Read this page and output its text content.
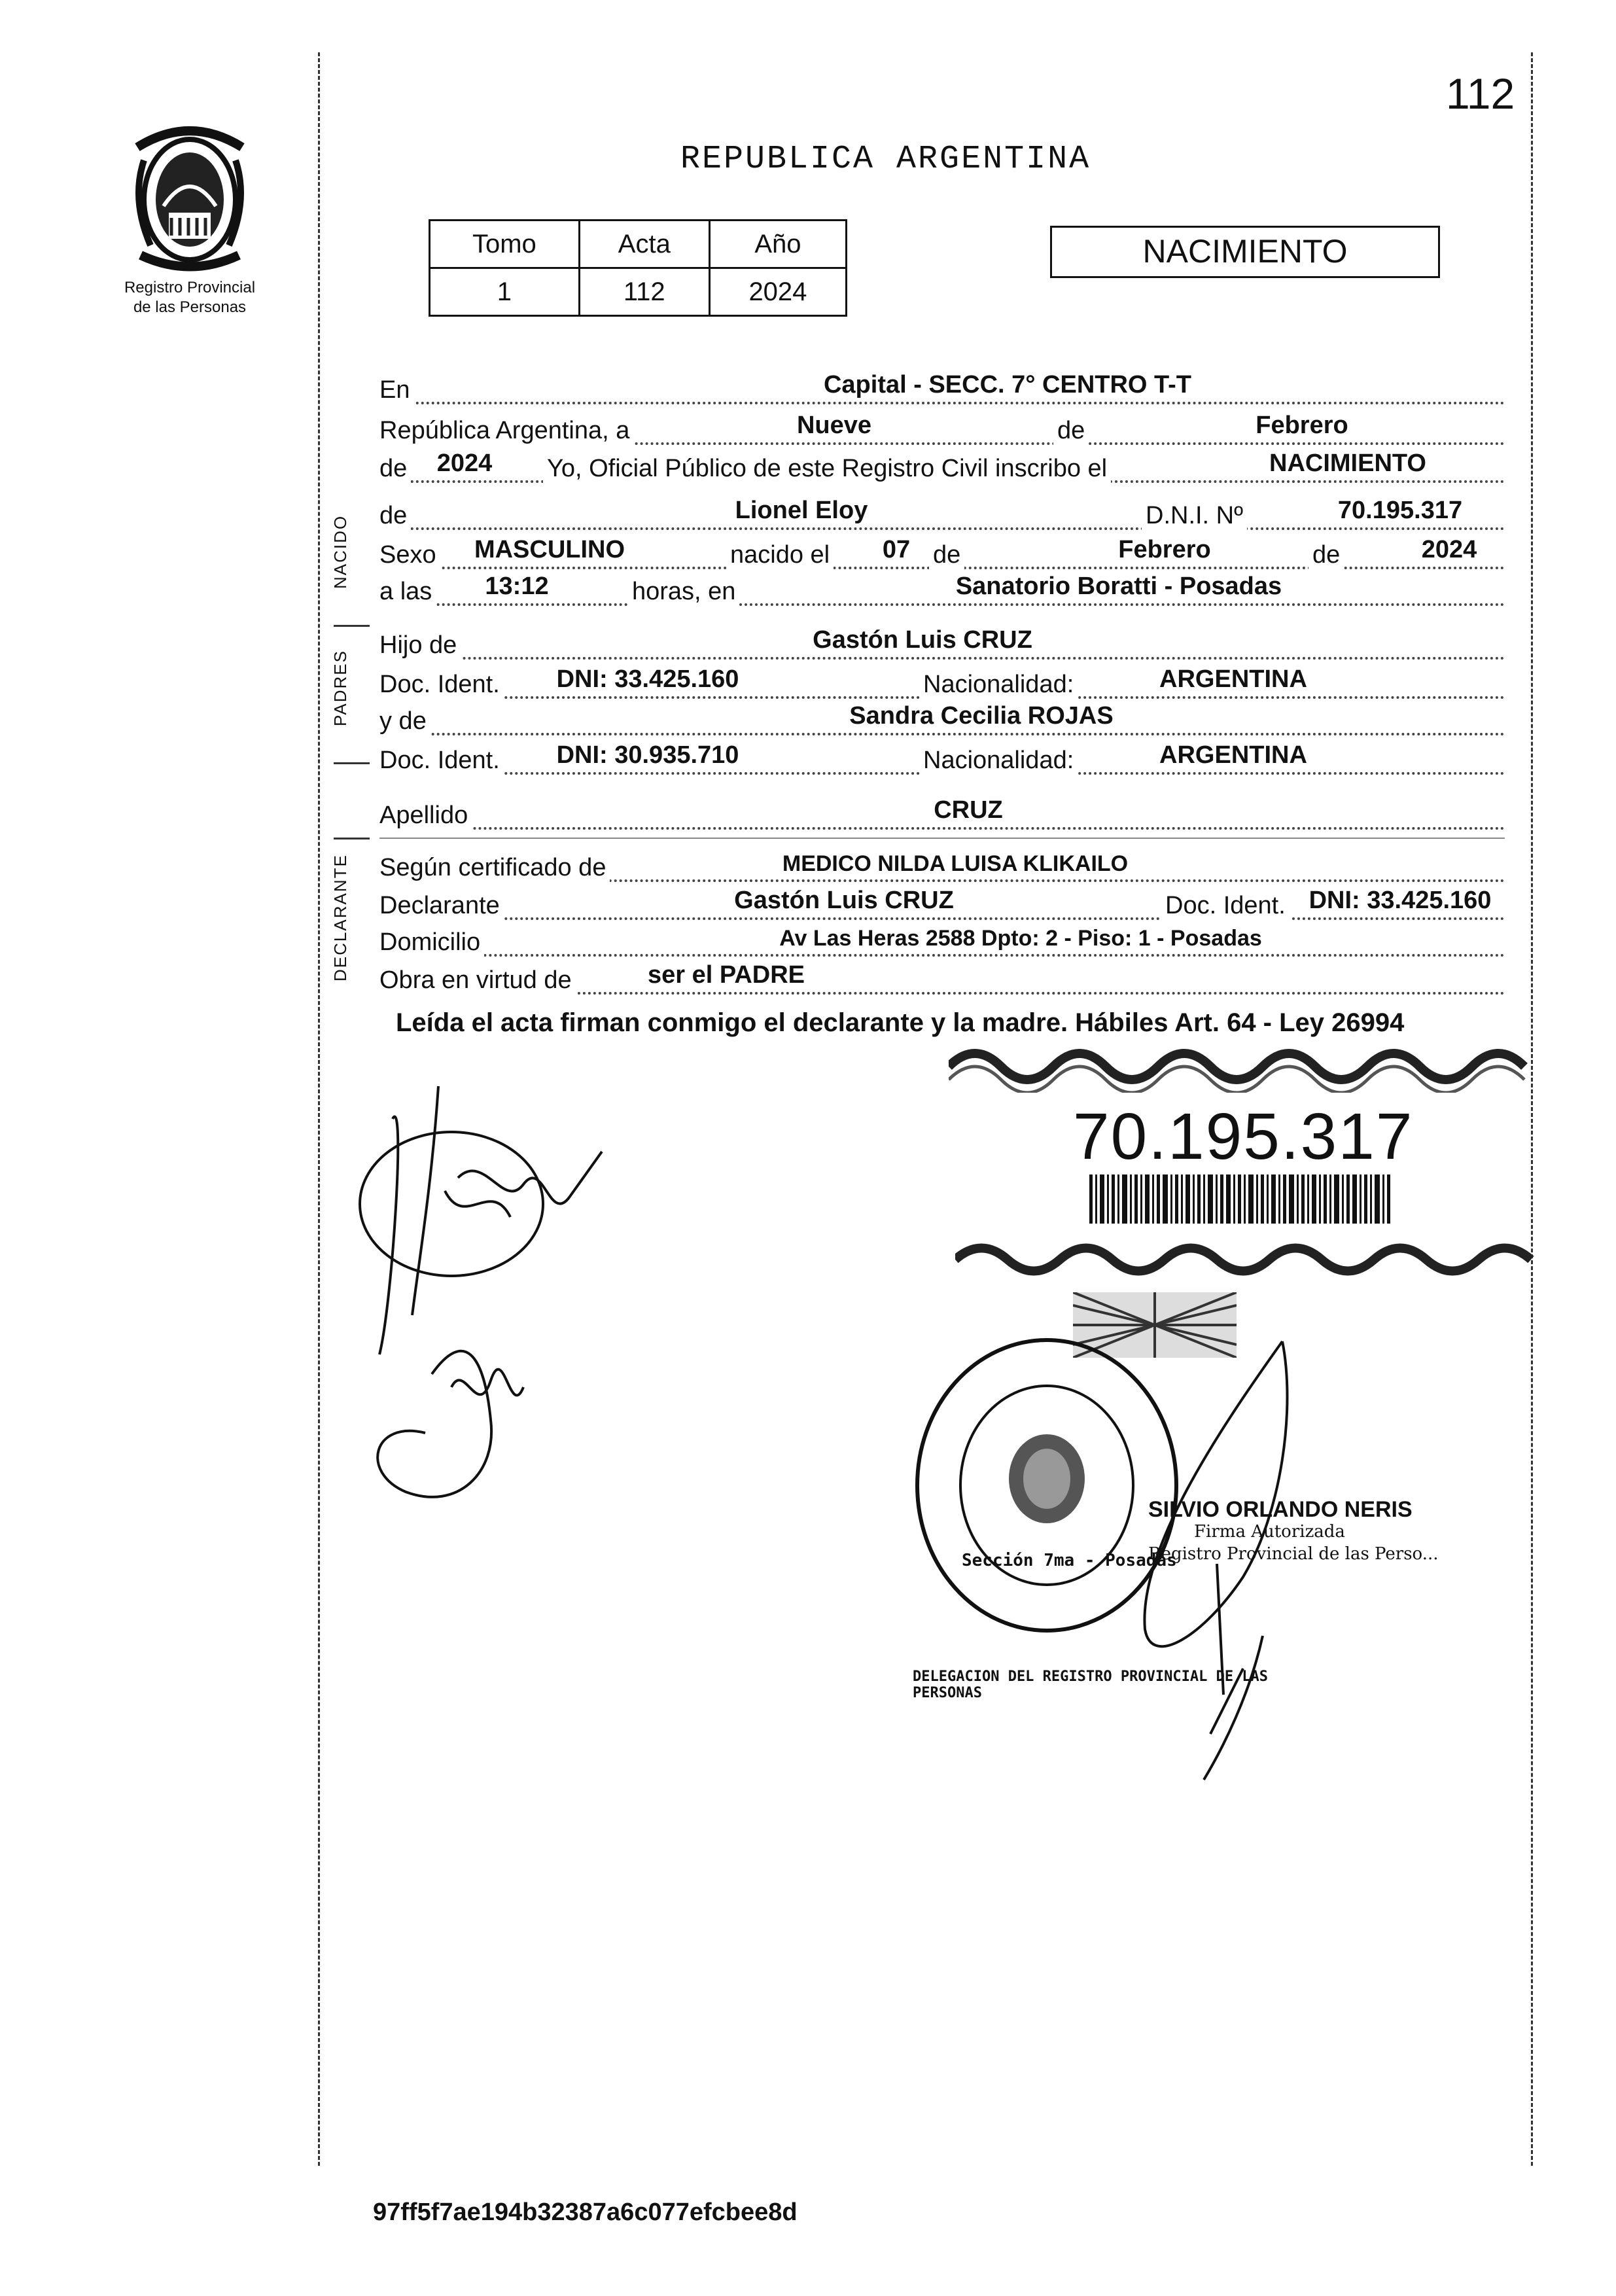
112
Registro Provincial
de las Personas
REPUBLICA ARGENTINA
Tomo	Acta	Año
1	112	2024
NACIMIENTO
NACIDO
PADRES
DECLARANTE
En	Capital - SECC. 7° CENTRO T-T
República Argentina, a	Nueve	de	Febrero
de	2024	Yo, Oficial Público de este Registro Civil inscribo el	NACIMIENTO
de	Lionel Eloy	D.N.I. Nº	70.195.317
Sexo	MASCULINO	nacido el	07 de	Febrero	de	2024
a las	13:12	horas, en	Sanatorio Boratti - Posadas
Hijo de	Gastón Luis CRUZ
Doc. Ident.	DNI: 33.425.160	Nacionalidad:	ARGENTINA
y de	Sandra Cecilia ROJAS
Doc. Ident.	DNI: 30.935.710	Nacionalidad:	ARGENTINA
Apellido	CRUZ
Según certificado de	MEDICO NILDA LUISA KLIKAILO
Declarante	Gastón Luis CRUZ	Doc. Ident. DNI: 33.425.160
Domicilio	Av Las Heras 2588 Dpto: 2 - Piso: 1 - Posadas
Obra en virtud de	ser el PADRE
Leída el acta firman conmigo el declarante y la madre. Hábiles Art. 64 - Ley 26994
70.195.317
DELEGACION DEL REGISTRO PROVINCIAL DE LAS PERSONAS
Sección 7ma - Posadas
SILVIO ORLANDO NERIS
Firma Autorizada
Registro Provincial de las Perso...
97ff5f7ae194b32387a6c077efcbee8d
